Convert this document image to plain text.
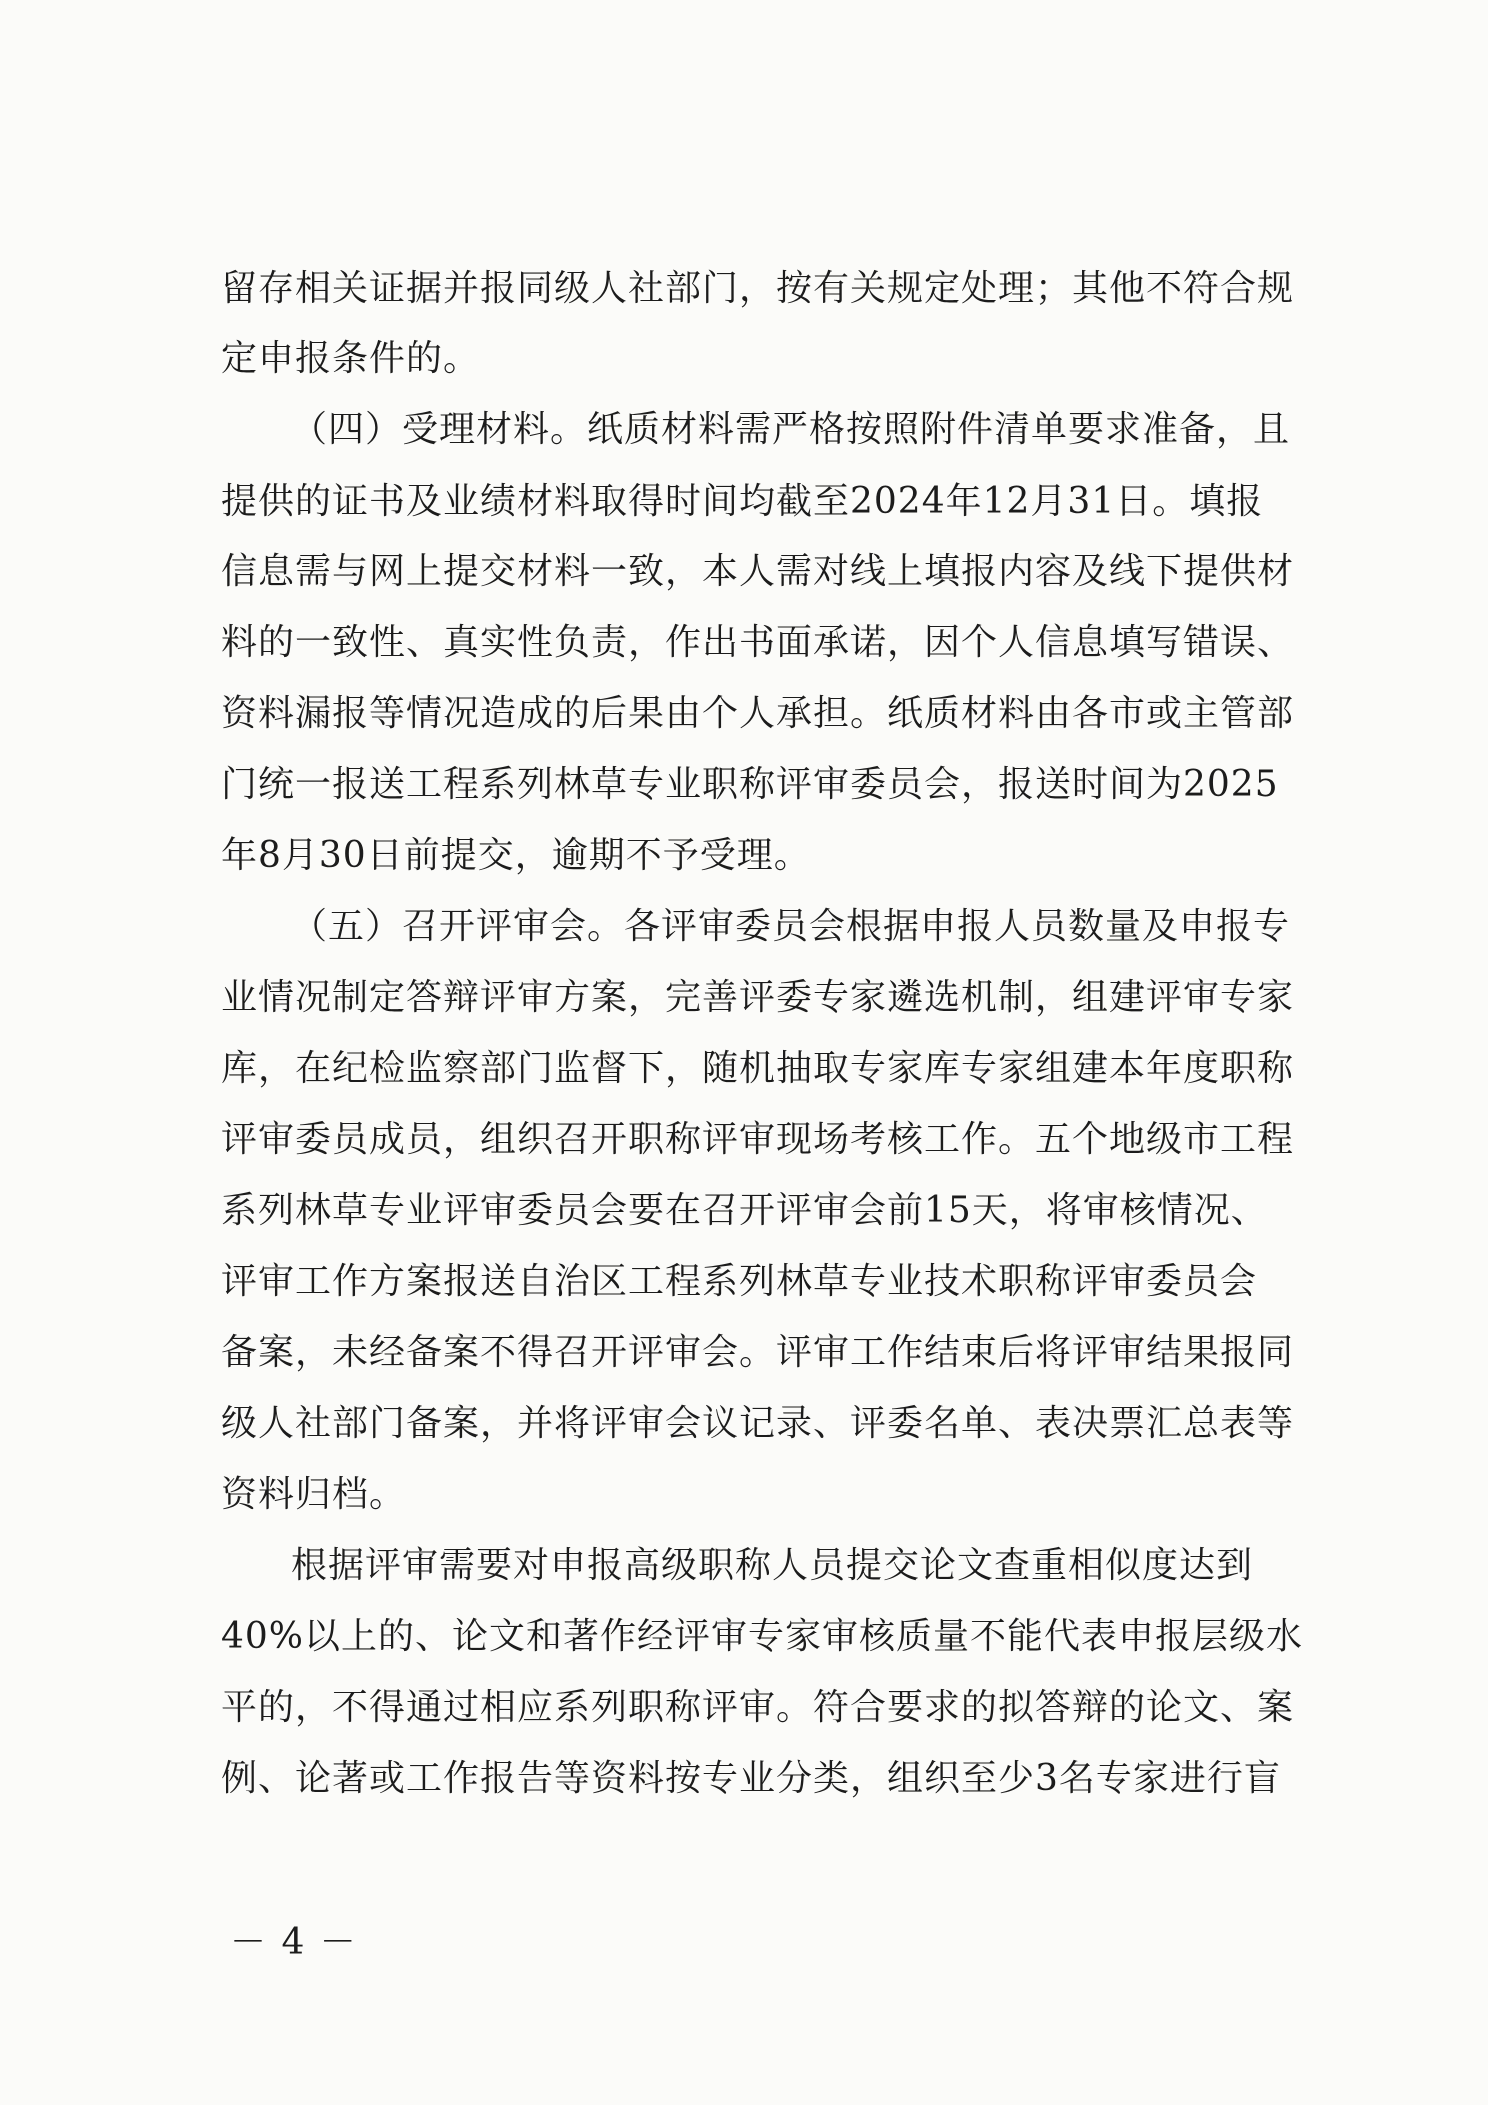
留存相关证据并报同级人社部门，按有关规定处理；其他不符合规
定申报条件的。
（四）受理材料。纸质材料需严格按照附件清单要求准备，且
提供的证书及业绩材料取得时间均截至2024年12月31日。填报
信息需与网上提交材料一致，本人需对线上填报内容及线下提供材
料的一致性、真实性负责，作出书面承诺，因个人信息填写错误、
资料漏报等情况造成的后果由个人承担。纸质材料由各市或主管部
门统一报送工程系列林草专业职称评审委员会，报送时间为2025
年8月30日前提交，逾期不予受理。
（五）召开评审会。各评审委员会根据申报人员数量及申报专
业情况制定答辩评审方案，完善评委专家遴选机制，组建评审专家
库，在纪检监察部门监督下，随机抽取专家库专家组建本年度职称
评审委员成员，组织召开职称评审现场考核工作。五个地级市工程
系列林草专业评审委员会要在召开评审会前15天，将审核情况、
评审工作方案报送自治区工程系列林草专业技术职称评审委员会
备案，未经备案不得召开评审会。评审工作结束后将评审结果报同
级人社部门备案，并将评审会议记录、评委名单、表决票汇总表等
资料归档。
根据评审需要对申报高级职称人员提交论文查重相似度达到
40%以上的、论文和著作经评审专家审核质量不能代表申报层级水
平的，不得通过相应系列职称评审。符合要求的拟答辩的论文、案
例、论著或工作报告等资料按专业分类，组织至少3名专家进行盲
－ 4 －
